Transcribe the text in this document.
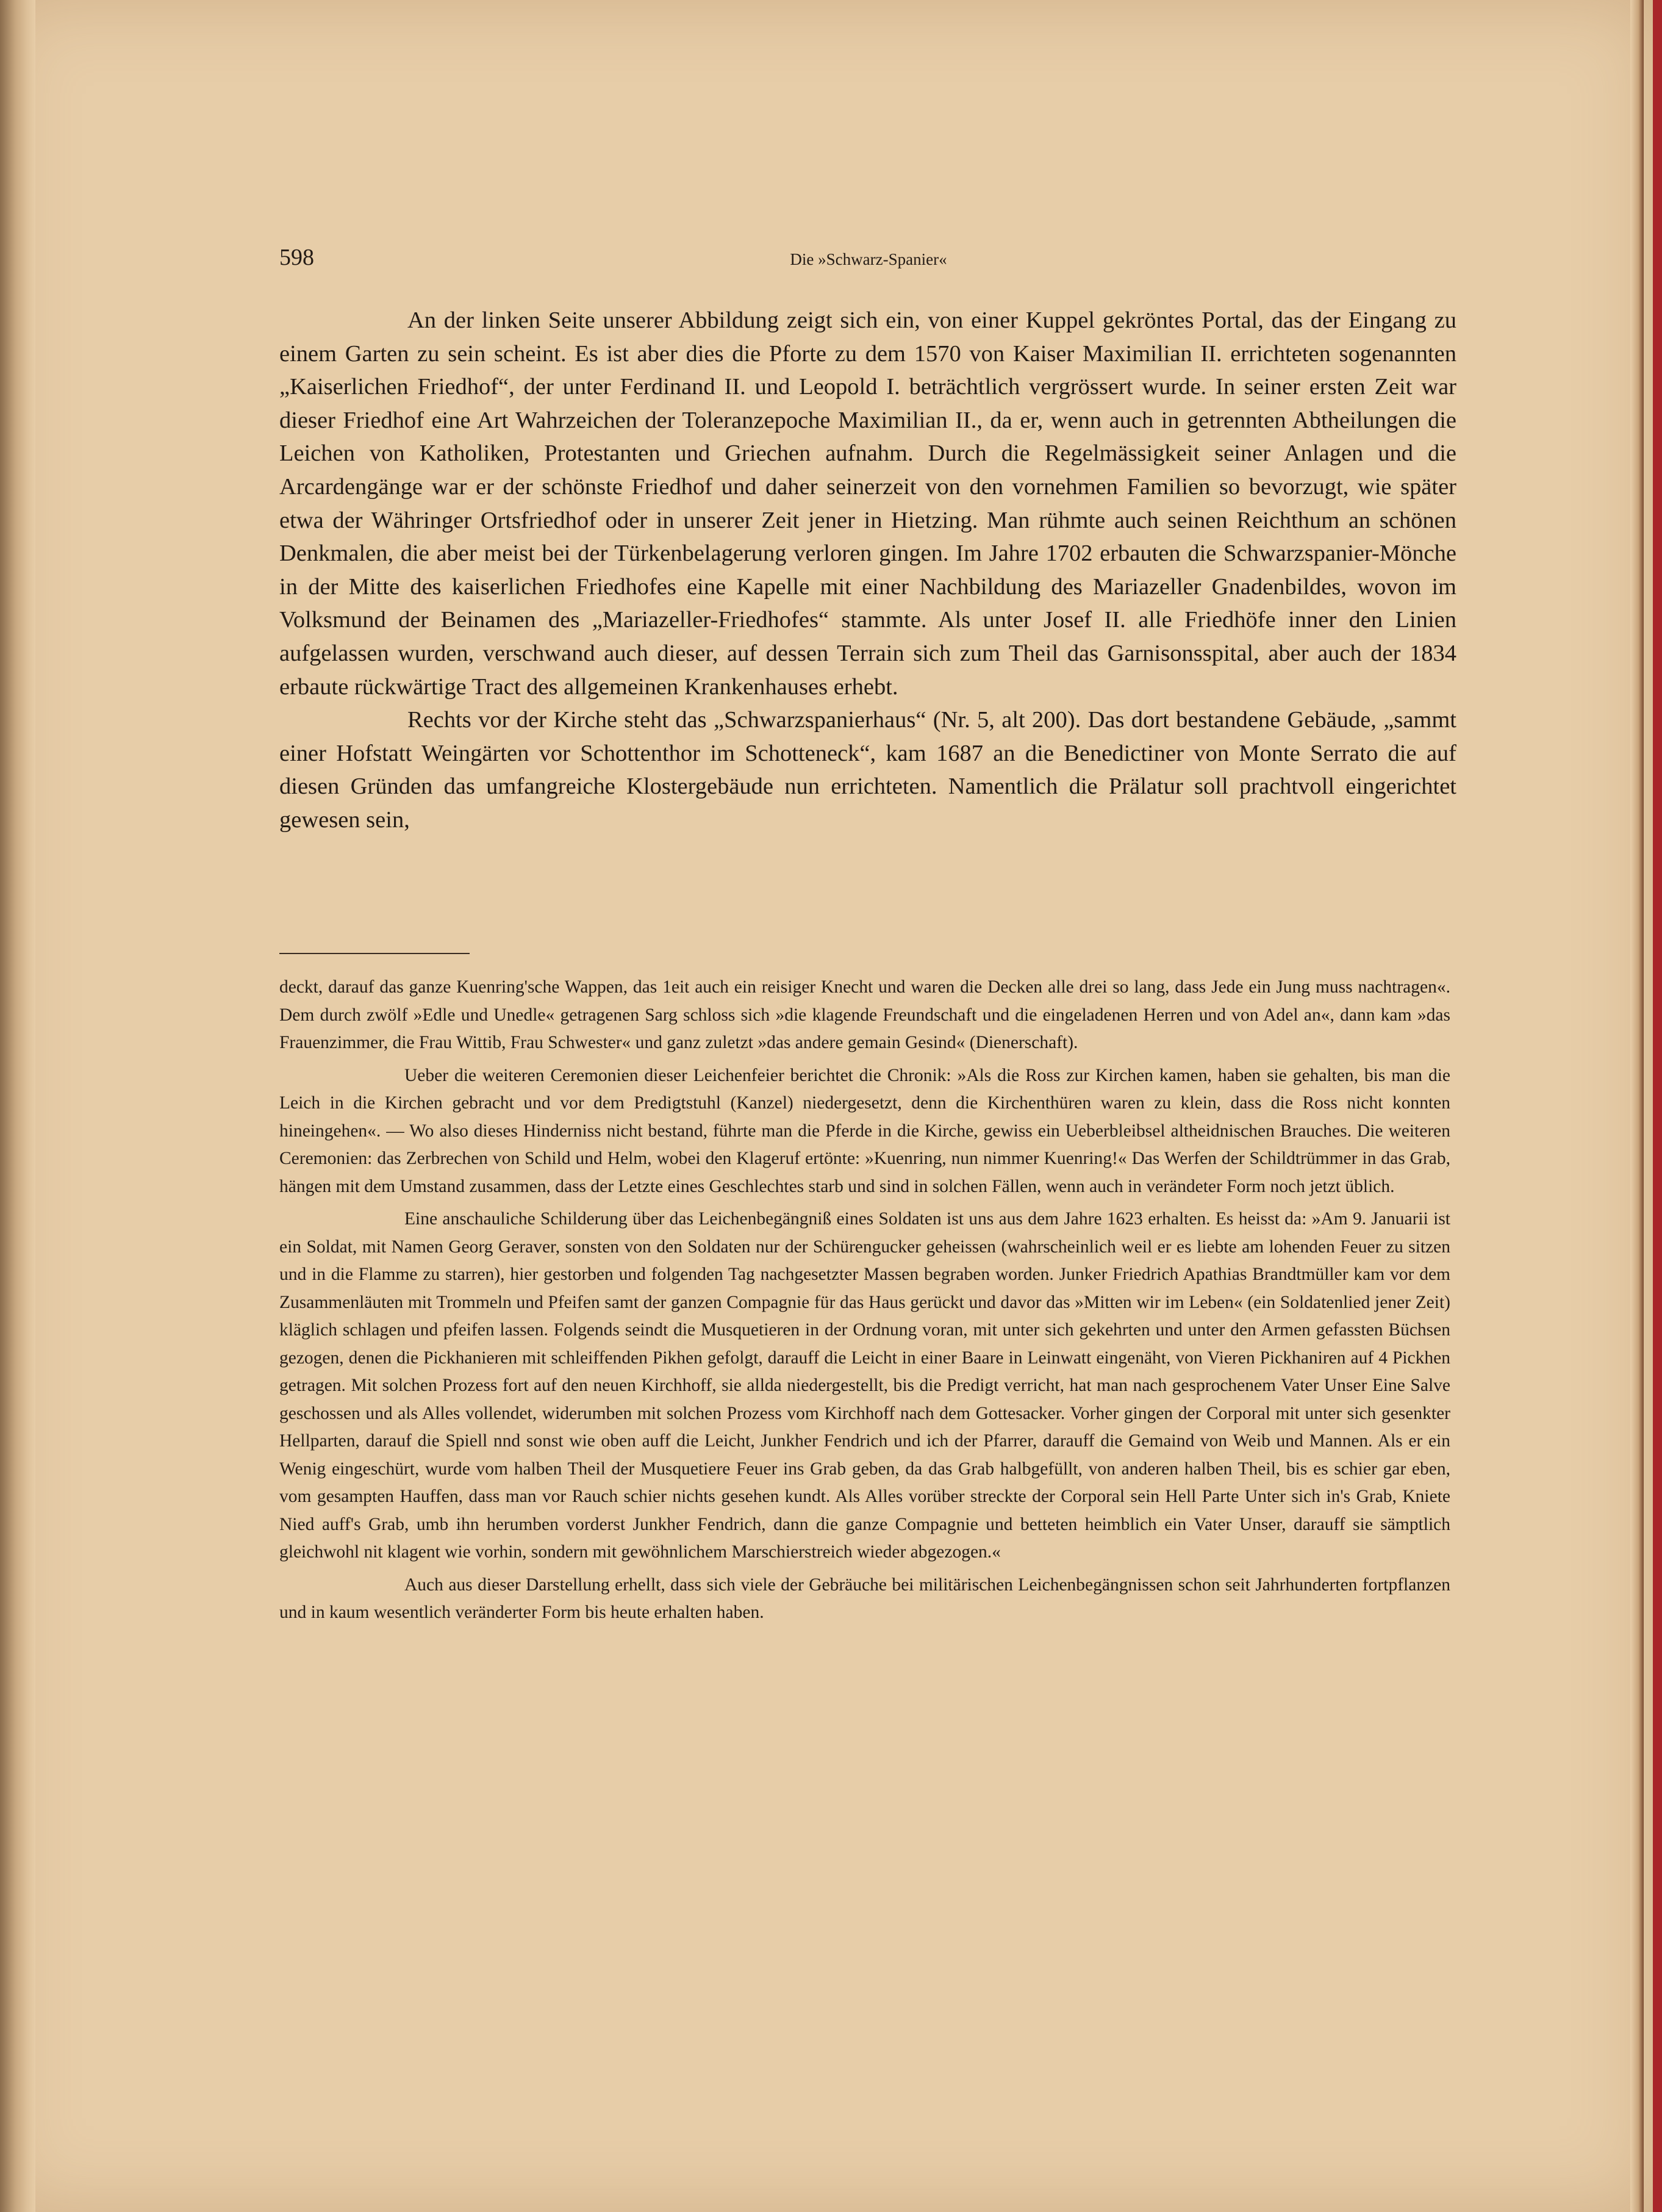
598	Die »Schwarz-Spanier«

An der linken Seite unserer Abbildung zeigt sich ein, von einer Kuppel gekröntes Portal, das der Eingang zu einem Garten zu sein scheint. Es ist aber dies die Pforte zu dem 1570 von Kaiser Maximilian II. errichteten sogenannten „Kaiserlichen Friedhof“, der unter Ferdinand II. und Leopold I. beträchtlich vergrössert wurde. In seiner ersten Zeit war dieser Friedhof eine Art Wahrzeichen der Toleranzepoche Maximilian II., da er, wenn auch in getrennten Abtheilungen die Leichen von Katholiken, Protestanten und Griechen aufnahm. Durch die Regelmässigkeit seiner Anlagen und die Arcardengänge war er der schönste Friedhof und daher seinerzeit von den vornehmen Familien so bevorzugt, wie später etwa der Währinger Ortsfriedhof oder in unserer Zeit jener in Hietzing. Man rühmte auch seinen Reichthum an schönen Denkmalen, die aber meist bei der Türkenbelagerung verloren gingen. Im Jahre 1702 erbauten die Schwarzspanier-Mönche in der Mitte des kaiserlichen Friedhofes eine Kapelle mit einer Nachbildung des Mariazeller Gnadenbildes, wovon im Volksmund der Beinamen des „Mariazeller-Friedhofes“ stammte. Als unter Josef II. alle Friedhöfe inner den Linien aufgelassen wurden, verschwand auch dieser, auf dessen Terrain sich zum Theil das Garnisonsspital, aber auch der 1834 erbaute rückwärtige Tract des allgemeinen Krankenhauses erhebt.

Rechts vor der Kirche steht das „Schwarzspanierhaus“ (Nr. 5, alt 200). Das dort bestandene Gebäude, „sammt einer Hofstatt Weingärten vor Schottenthor im Schotteneck“, kam 1687 an die Benedictiner von Monte Serrato die auf diesen Gründen das umfangreiche Klostergebäude nun errichteten. Namentlich die Prälatur soll prachtvoll eingerichtet gewesen sein,

deckt, darauf das ganze Kuenring'sche Wappen, das 1eit auch ein reisiger Knecht und waren die Decken alle drei so lang, dass Jede ein Jung muss nachtragen«. Dem durch zwölf »Edle und Unedle« getragenen Sarg schloss sich »die klagende Freundschaft und die eingeladenen Herren und von Adel an«, dann kam »das Frauenzimmer, die Frau Wittib, Frau Schwester« und ganz zuletzt »das andere gemain Gesind« (Dienerschaft).

Ueber die weiteren Ceremonien dieser Leichenfeier berichtet die Chronik: »Als die Ross zur Kirchen kamen, haben sie gehalten, bis man die Leich in die Kirchen gebracht und vor dem Predigtstuhl (Kanzel) niedergesetzt, denn die Kirchenthüren waren zu klein, dass die Ross nicht konnten hineingehen«. — Wo also dieses Hinderniss nicht bestand, führte man die Pferde in die Kirche, gewiss ein Ueberbleibsel altheidnischen Brauches. Die weiteren Ceremonien: das Zerbrechen von Schild und Helm, wobei den Klageruf ertönte: »Kuenring, nun nimmer Kuenring!« Das Werfen der Schildtrümmer in das Grab, hängen mit dem Umstand zusammen, dass der Letzte eines Geschlechtes starb und sind in solchen Fällen, wenn auch in verändeter Form noch jetzt üblich.

Eine anschauliche Schilderung über das Leichenbegängniß eines Soldaten ist uns aus dem Jahre 1623 erhalten. Es heisst da: »Am 9. Januarii ist ein Soldat, mit Namen Georg Geraver, sonsten von den Soldaten nur der Schürengucker geheissen (wahrscheinlich weil er es liebte am lohenden Feuer zu sitzen und in die Flamme zu starren), hier gestorben und folgenden Tag nachgesetzter Massen begraben worden. Junker Friedrich Apathias Brandtmüller kam vor dem Zusammenläuten mit Trommeln und Pfeifen samt der ganzen Compagnie für das Haus gerückt und davor das »Mitten wir im Leben« (ein Soldatenlied jener Zeit) kläglich schlagen und pfeifen lassen. Folgends seindt die Musquetieren in der Ordnung voran, mit unter sich gekehrten und unter den Armen gefassten Büchsen gezogen, denen die Pickhanieren mit schleiffenden Pikhen gefolgt, darauff die Leicht in einer Baare in Leinwatt eingenäht, von Vieren Pickhaniren auf 4 Pickhen getragen. Mit solchen Prozess fort auf den neuen Kirchhoff, sie allda niedergestellt, bis die Predigt verricht, hat man nach gesprochenem Vater Unser Eine Salve geschossen und als Alles vollendet, widerumben mit solchen Prozess vom Kirchhoff nach dem Gottesacker. Vorher gingen der Corporal mit unter sich gesenkter Hellparten, darauf die Spiell nnd sonst wie oben auff die Leicht, Junkher Fendrich und ich der Pfarrer, darauff die Gemaind von Weib und Mannen. Als er ein Wenig eingeschürt, wurde vom halben Theil der Musquetiere Feuer ins Grab geben, da das Grab halbgefüllt, von anderen halben Theil, bis es schier gar eben, vom gesampten Hauffen, dass man vor Rauch schier nichts gesehen kundt. Als Alles vorüber streckte der Corporal sein Hell Parte Unter sich in's Grab, Kniete Nied auff's Grab, umb ihn herumben vorderst Junkher Fendrich, dann die ganze Compagnie und betteten heimblich ein Vater Unser, darauff sie sämptlich gleichwohl nit klagent wie vorhin, sondern mit gewöhnlichem Marschierstreich wieder abgezogen.«

Auch aus dieser Darstellung erhellt, dass sich viele der Gebräuche bei militärischen Leichenbegängnissen schon seit Jahrhunderten fortpflanzen und in kaum wesentlich veränderter Form bis heute erhalten haben.
